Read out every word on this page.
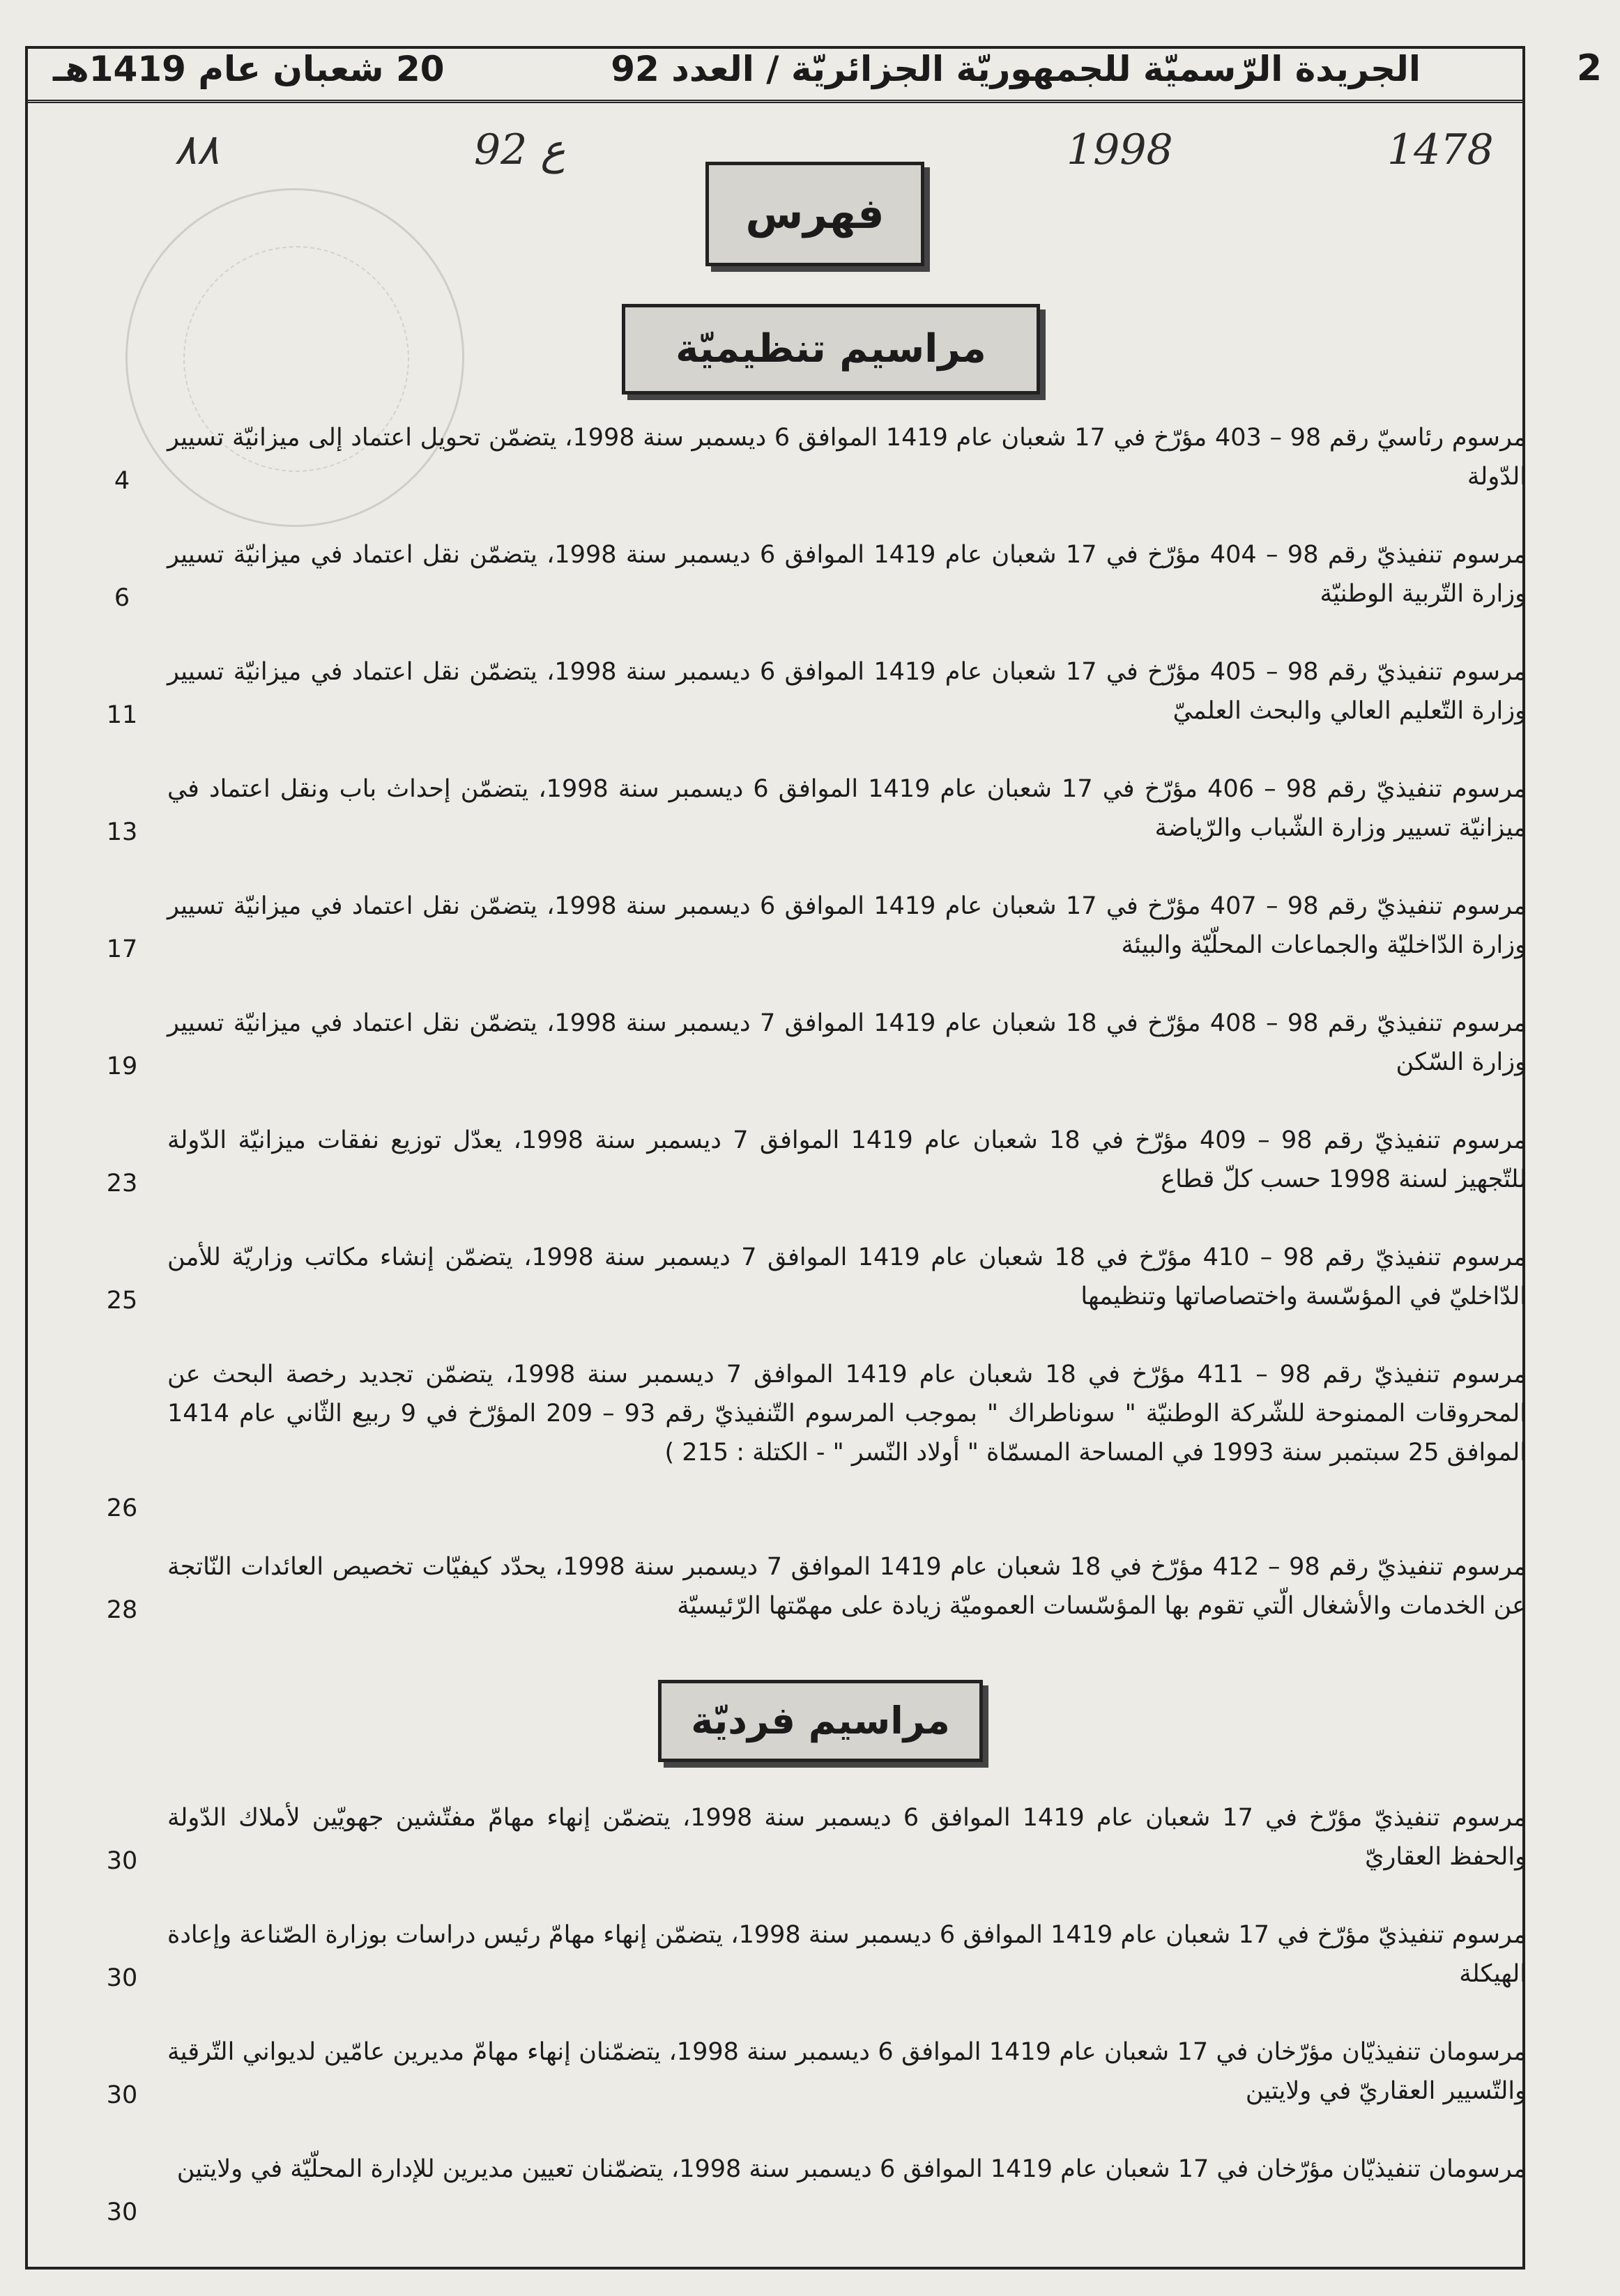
2
الجريدة الرّسميّة للجمهوريّة الجزائريّة / العدد 92
20 شعبان عام 1419هـ
٨٨	92 ع	1998	1478
فهرس
مراسيم تنظيميّة
مراسيم فرديّة
مرسوم رئاسيّ رقم 98 – 403 مؤرّخ في 17 شعبان عام 1419 الموافق 6 ديسمبر سنة 1998، يتضمّن تحويل اعتماد إلى ميزانيّة تسيير الدّولة
4
مرسوم تنفيذيّ رقم 98 – 404 مؤرّخ في 17 شعبان عام 1419 الموافق 6 ديسمبر سنة 1998، يتضمّن نقل اعتماد في ميزانيّة تسيير وزارة التّربية الوطنيّة
6
مرسوم تنفيذيّ رقم 98 – 405 مؤرّخ في 17 شعبان عام 1419 الموافق 6 ديسمبر سنة 1998، يتضمّن نقل اعتماد في ميزانيّة تسيير وزارة التّعليم العالي والبحث العلميّ
11
مرسوم تنفيذيّ رقم 98 – 406 مؤرّخ في 17 شعبان عام 1419 الموافق 6 ديسمبر سنة 1998، يتضمّن إحداث باب ونقل اعتماد في ميزانيّة تسيير وزارة الشّباب والرّياضة
13
مرسوم تنفيذيّ رقم 98 – 407 مؤرّخ في 17 شعبان عام 1419 الموافق 6 ديسمبر سنة 1998، يتضمّن نقل اعتماد في ميزانيّة تسيير وزارة الدّاخليّة والجماعات المحلّيّة والبيئة
17
مرسوم تنفيذيّ رقم 98 – 408 مؤرّخ في 18 شعبان عام 1419 الموافق 7 ديسمبر سنة 1998، يتضمّن نقل اعتماد في ميزانيّة تسيير وزارة السّكن
19
مرسوم تنفيذيّ رقم 98 – 409 مؤرّخ في 18 شعبان عام 1419 الموافق 7 ديسمبر سنة 1998، يعدّل توزيع نفقات ميزانيّة الدّولة للتّجهيز لسنة 1998 حسب كلّ قطاع
23
مرسوم تنفيذيّ رقم 98 – 410 مؤرّخ في 18 شعبان عام 1419 الموافق 7 ديسمبر سنة 1998، يتضمّن إنشاء مكاتب وزاريّة للأمن الدّاخليّ في المؤسّسة واختصاصاتها وتنظيمها
25
مرسوم تنفيذيّ رقم 98 – 411 مؤرّخ في 18 شعبان عام 1419 الموافق 7 ديسمبر سنة 1998، يتضمّن تجديد رخصة البحث عن المحروقات الممنوحة للشّركة الوطنيّة " سوناطراك " بموجب المرسوم التّنفيذيّ رقم 93 – 209 المؤرّخ في 9 ربيع الثّاني عام 1414 الموافق 25 سبتمبر سنة 1993 في المساحة المسمّاة " أولاد النّسر " - الكتلة : 215 )
26
مرسوم تنفيذيّ رقم 98 – 412 مؤرّخ في 18 شعبان عام 1419 الموافق 7 ديسمبر سنة 1998، يحدّد كيفيّات تخصيص العائدات النّاتجة عن الخدمات والأشغال الّتي تقوم بها المؤسّسات العموميّة زيادة على مهمّتها الرّئيسيّة
28
مرسوم تنفيذيّ مؤرّخ في 17 شعبان عام 1419 الموافق 6 ديسمبر سنة 1998، يتضمّن إنهاء مهامّ مفتّشين جهويّين لأملاك الدّولة والحفظ العقاريّ
30
مرسوم تنفيذيّ مؤرّخ في 17 شعبان عام 1419 الموافق 6 ديسمبر سنة 1998، يتضمّن إنهاء مهامّ رئيس دراسات بوزارة الصّناعة وإعادة الهيكلة
30
مرسومان تنفيذيّان مؤرّخان في 17 شعبان عام 1419 الموافق 6 ديسمبر سنة 1998، يتضمّنان إنهاء مهامّ مديرين عامّين لديواني التّرقية والتّسيير العقاريّ في ولايتين
30
مرسومان تنفيذيّان مؤرّخان في 17 شعبان عام 1419 الموافق 6 ديسمبر سنة 1998، يتضمّنان تعيين مديرين للإدارة المحلّيّة في ولايتين
30
